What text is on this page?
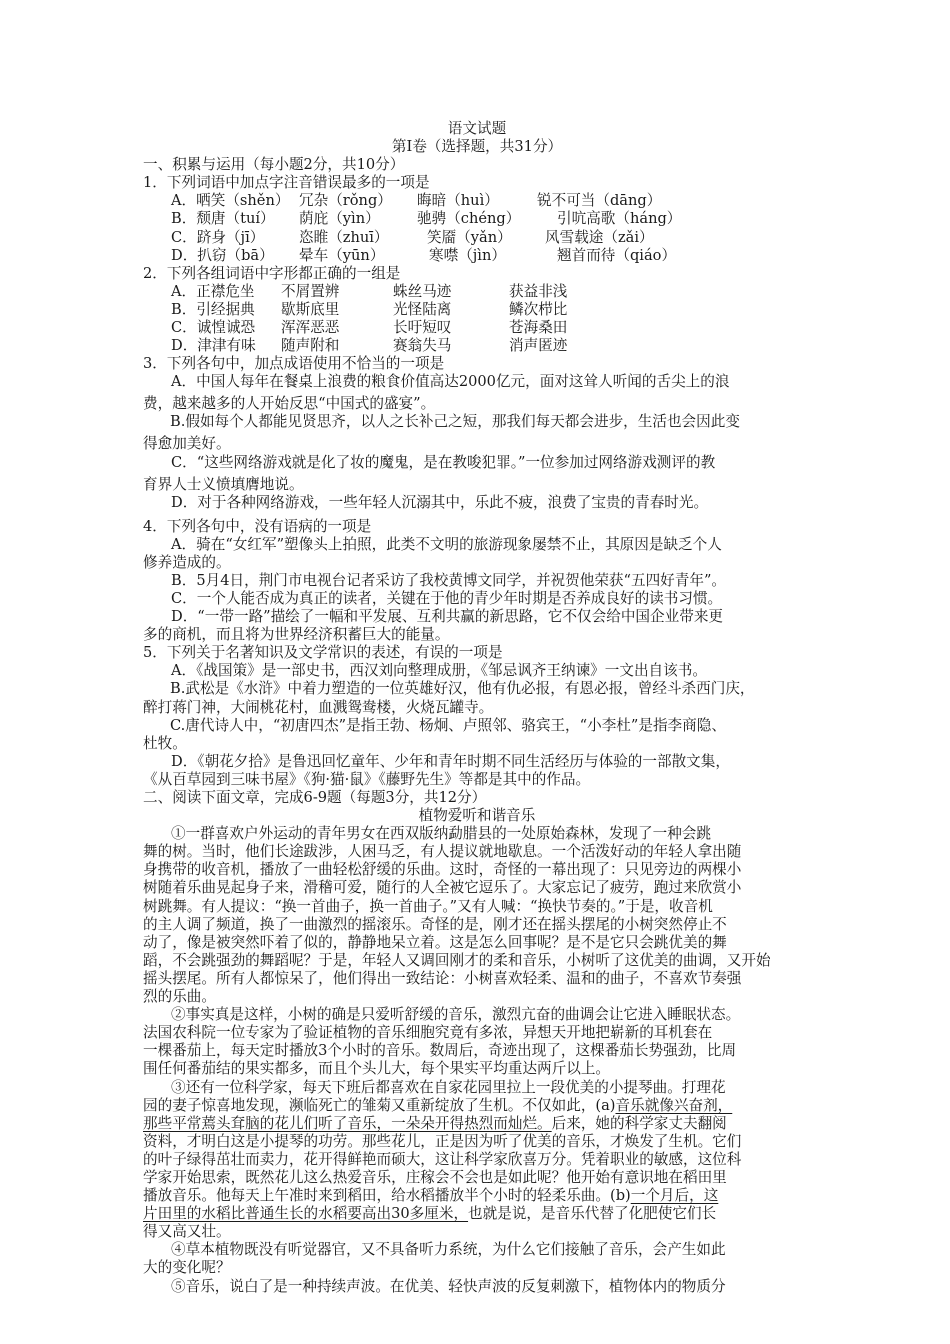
语文试题
第Ⅰ卷（选择题，共31分）
一、积累与运用（每小题2分，共10分）
1．下列词语中加点字注音错误最多的一项是
A．哂笑（shěn） 冗杂（rǒng） 晦暗（huì）	锐不可当（dāng）
B．颓唐（tuí） 荫庇（yìn）	驰骋（chéng）	引吭高歌（háng）
C．跻身（jī） 恣睢（zhuī）	笑靥（yǎn） 风雪载途（zǎi）
D．扒窃（bā） 晕车（yūn）	寒噤（jìn）	翘首而待（qiáo）
2．下列各组词语中字形都正确的一组是
A．正襟危坐 不屑置辨	蛛丝马迹	获益非浅
B．引经据典 歇斯底里	光怪陆离	鳞次栉比
C．诚惶诚恐 浑浑恶恶	长吁短叹	苍海桑田
D．津津有味 随声附和	赛翁失马	消声匿迹
3．下列各句中，加点成语使用不恰当的一项是
A．中国人每年在餐桌上浪费的粮食价值高达2000亿元，面对这耸人听闻的舌尖上的浪
费，越来越多的人开始反思“中国式的盛宴”。
B.假如每个人都能见贤思齐，以人之长补己之短，那我们每天都会进步，生活也会因此变
得愈加美好。
C．“这些网络游戏就是化了妆的魔鬼，是在教唆犯罪。”一位参加过网络游戏测评的教
育界人士义愤填膺地说。
D．对于各种网络游戏，一些年轻人沉溺其中，乐此不疲，浪费了宝贵的青春时光。
4．下列各句中，没有语病的一项是
A．骑在“女红军”塑像头上拍照，此类不文明的旅游现象屡禁不止，其原因是缺乏个人
修养造成的。
B．5月4日，荆门市电视台记者采访了我校黄博文同学，并祝贺他荣获“五四好青年”。
C．一个人能否成为真正的读者，关键在于他的青少年时期是否养成良好的读书习惯。
D．“一带一路”描绘了一幅和平发展、互利共赢的新思路，它不仅会给中国企业带来更
多的商机，而且将为世界经济积蓄巨大的能量。
5．下列关于名著知识及文学常识的表述，有误的一项是
A．《战国策》是一部史书，西汉刘向整理成册，《邹忌讽齐王纳谏》一文出自该书。
B.武松是《水浒》中着力塑造的一位英雄好汉，他有仇必报，有恩必报，曾经斗杀西门庆，
醉打蒋门神，大闹桃花村，血溅鸳鸯楼，火烧瓦罐寺。
C.唐代诗人中，“初唐四杰”是指王勃、杨炯、卢照邻、骆宾王，“小李杜”是指李商隐、
杜牧。
D．《朝花夕拾》是鲁迅回忆童年、少年和青年时期不同生活经历与体验的一部散文集，
《从百草园到三味书屋》《狗·猫·鼠》《藤野先生》等都是其中的作品。
二、阅读下面文章，完成6-9题（每题3分，共12分）
植物爱听和谐音乐
①一群喜欢户外运动的青年男女在西双版纳勐腊县的一处原始森林，发现了一种会跳
舞的树。当时，他们长途跋涉，人困马乏，有人提议就地歇息。一个活泼好动的年轻人拿出随
身携带的收音机，播放了一曲轻松舒缓的乐曲。这时，奇怪的一幕出现了：只见旁边的两棵小
树随着乐曲晃起身子来，滑稽可爱，随行的人全被它逗乐了。大家忘记了疲劳，跑过来欣赏小
树跳舞。有人提议：“换一首曲子，换一首曲子。”又有人喊：“换快节奏的。”于是，收音机
的主人调了频道，换了一曲激烈的摇滚乐。奇怪的是，刚才还在摇头摆尾的小树突然停止不
动了，像是被突然吓着了似的，静静地呆立着。这是怎么回事呢？是不是它只会跳优美的舞
蹈，不会跳强劲的舞蹈呢？于是，年轻人又调回刚才的柔和音乐，小树听了这优美的曲调，又开始
摇头摆尾。所有人都惊呆了，他们得出一致结论：小树喜欢轻柔、温和的曲子，不喜欢节奏强
烈的乐曲。
②事实真是这样，小树的确是只爱听舒缓的音乐，激烈亢奋的曲调会让它进入睡眠状态。
法国农科院一位专家为了验证植物的音乐细胞究竟有多浓，异想天开地把崭新的耳机套在
一棵番茄上，每天定时播放3个小时的音乐。数周后，奇迹出现了，这棵番茄长势强劲，比周
围任何番茄结的果实都多，而且个头儿大，每个果实平均重达两斤以上。
③还有一位科学家，每天下班后都喜欢在自家花园里拉上一段优美的小提琴曲。打理花
园的妻子惊喜地发现，濒临死亡的雏菊又重新绽放了生机。不仅如此，(a)音乐就像兴奋剂，
那些平常蔫头耷脑的花儿们听了音乐，一朵朵开得热烈而灿烂。后来，她的科学家丈夫翻阅
资料，才明白这是小提琴的功劳。那些花儿，正是因为听了优美的音乐，才焕发了生机。它们
的叶子绿得茁壮而卖力，花开得鲜艳而硕大，这让科学家欣喜万分。凭着职业的敏感，这位科
学家开始思索，既然花儿这么热爱音乐，庄稼会不会也是如此呢？他开始有意识地在稻田里
播放音乐。他每天上午准时来到稻田，给水稻播放半个小时的轻柔乐曲。(b)一个月后，这
片田里的水稻比普通生长的水稻要高出30多厘米，也就是说，是音乐代替了化肥使它们长
得又高又壮。
④草本植物既没有听觉器官，又不具备听力系统，为什么它们接触了音乐，会产生如此
大的变化呢？
⑤音乐，说白了是一种持续声波。在优美、轻快声波的反复刺激下，植物体内的物质分
